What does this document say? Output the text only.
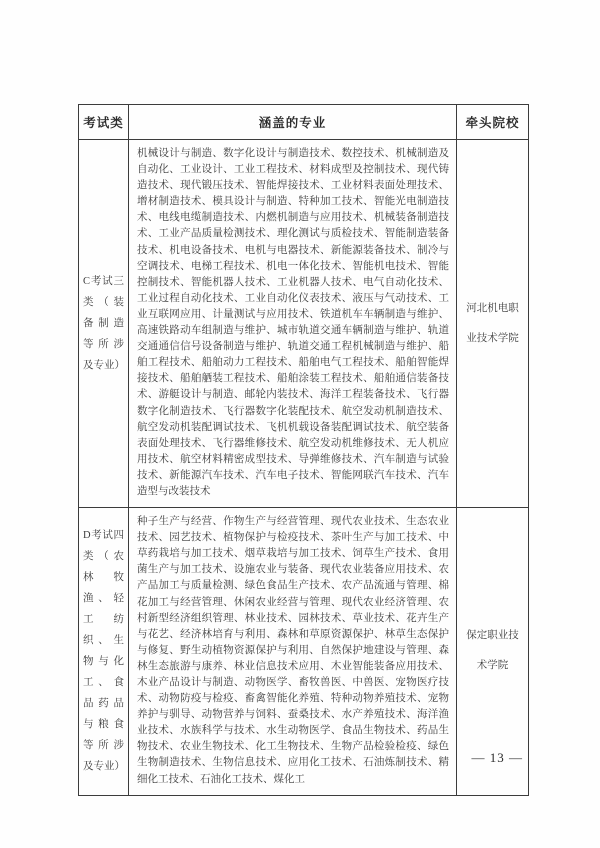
考试类	涵盖的专业	牵头院校
C考试三类（装备制造等所涉及专业）	机械设计与制造、数字化设计与制造技术、数控技术、机械制造及自动化、工业设计、工业工程技术、材料成型及控制技术、现代铸造技术、现代锻压技术、智能焊接技术、工业材料表面处理技术、增材制造技术、模具设计与制造、特种加工技术、智能光电制造技术、电线电缆制造技术、内燃机制造与应用技术、机械装备制造技术、工业产品质量检测技术、理化测试与质检技术、智能制造装备技术、机电设备技术、电机与电器技术、新能源装备技术、制冷与空调技术、电梯工程技术、机电一体化技术、智能机电技术、智能控制技术、智能机器人技术、工业机器人技术、电气自动化技术、工业过程自动化技术、工业自动化仪表技术、液压与气动技术、工业互联网应用、计量测试与应用技术、铁道机车车辆制造与维护、高速铁路动车组制造与维护、城市轨道交通车辆制造与维护、轨道交通通信信号设备制造与维护、轨道交通工程机械制造与维护、船舶工程技术、船舶动力工程技术、船舶电气工程技术、船舶智能焊接技术、船舶舾装工程技术、船舶涂装工程技术、船舶通信装备技术、游艇设计与制造、邮轮内装技术、海洋工程装备技术、飞行器数字化制造技术、飞行器数字化装配技术、航空发动机制造技术、航空发动机装配调试技术、飞机机载设备装配调试技术、航空装备表面处理技术、飞行器维修技术、航空发动机维修技术、无人机应用技术、航空材料精密成型技术、导弹维修技术、汽车制造与试验技术、新能源汽车技术、汽车电子技术、智能网联汽车技术、汽车造型与改装技术	河北机电职业技术学院
D考试四类（农林牧渔、轻工纺织、生物与化工、食品药品与粮食等所涉及专业）	种子生产与经营、作物生产与经营管理、现代农业技术、生态农业技术、园艺技术、植物保护与检疫技术、茶叶生产与加工技术、中草药栽培与加工技术、烟草栽培与加工技术、饲草生产技术、食用菌生产与加工技术、设施农业与装备、现代农业装备应用技术、农产品加工与质量检测、绿色食品生产技术、农产品流通与管理、棉花加工与经营管理、休闲农业经营与管理、现代农业经济管理、农村新型经济组织管理、林业技术、园林技术、草业技术、花卉生产与花艺、经济林培育与利用、森林和草原资源保护、林草生态保护与修复、野生动植物资源保护与利用、自然保护地建设与管理、森林生态旅游与康养、林业信息技术应用、木业智能装备应用技术、木业产品设计与制造、动物医学、畜牧兽医、中兽医、宠物医疗技术、动物防疫与检疫、畜禽智能化养殖、特种动物养殖技术、宠物养护与驯导、动物营养与饲料、蚕桑技术、水产养殖技术、海洋渔业技术、水族科学与技术、水生动物医学、食品生物技术、药品生物技术、农业生物技术、化工生物技术、生物产品检验检疫、绿色生物制造技术、生物信息技术、应用化工技术、石油炼制技术、精细化工技术、石油化工技术、煤化工	保定职业技术学院
— 13 —
